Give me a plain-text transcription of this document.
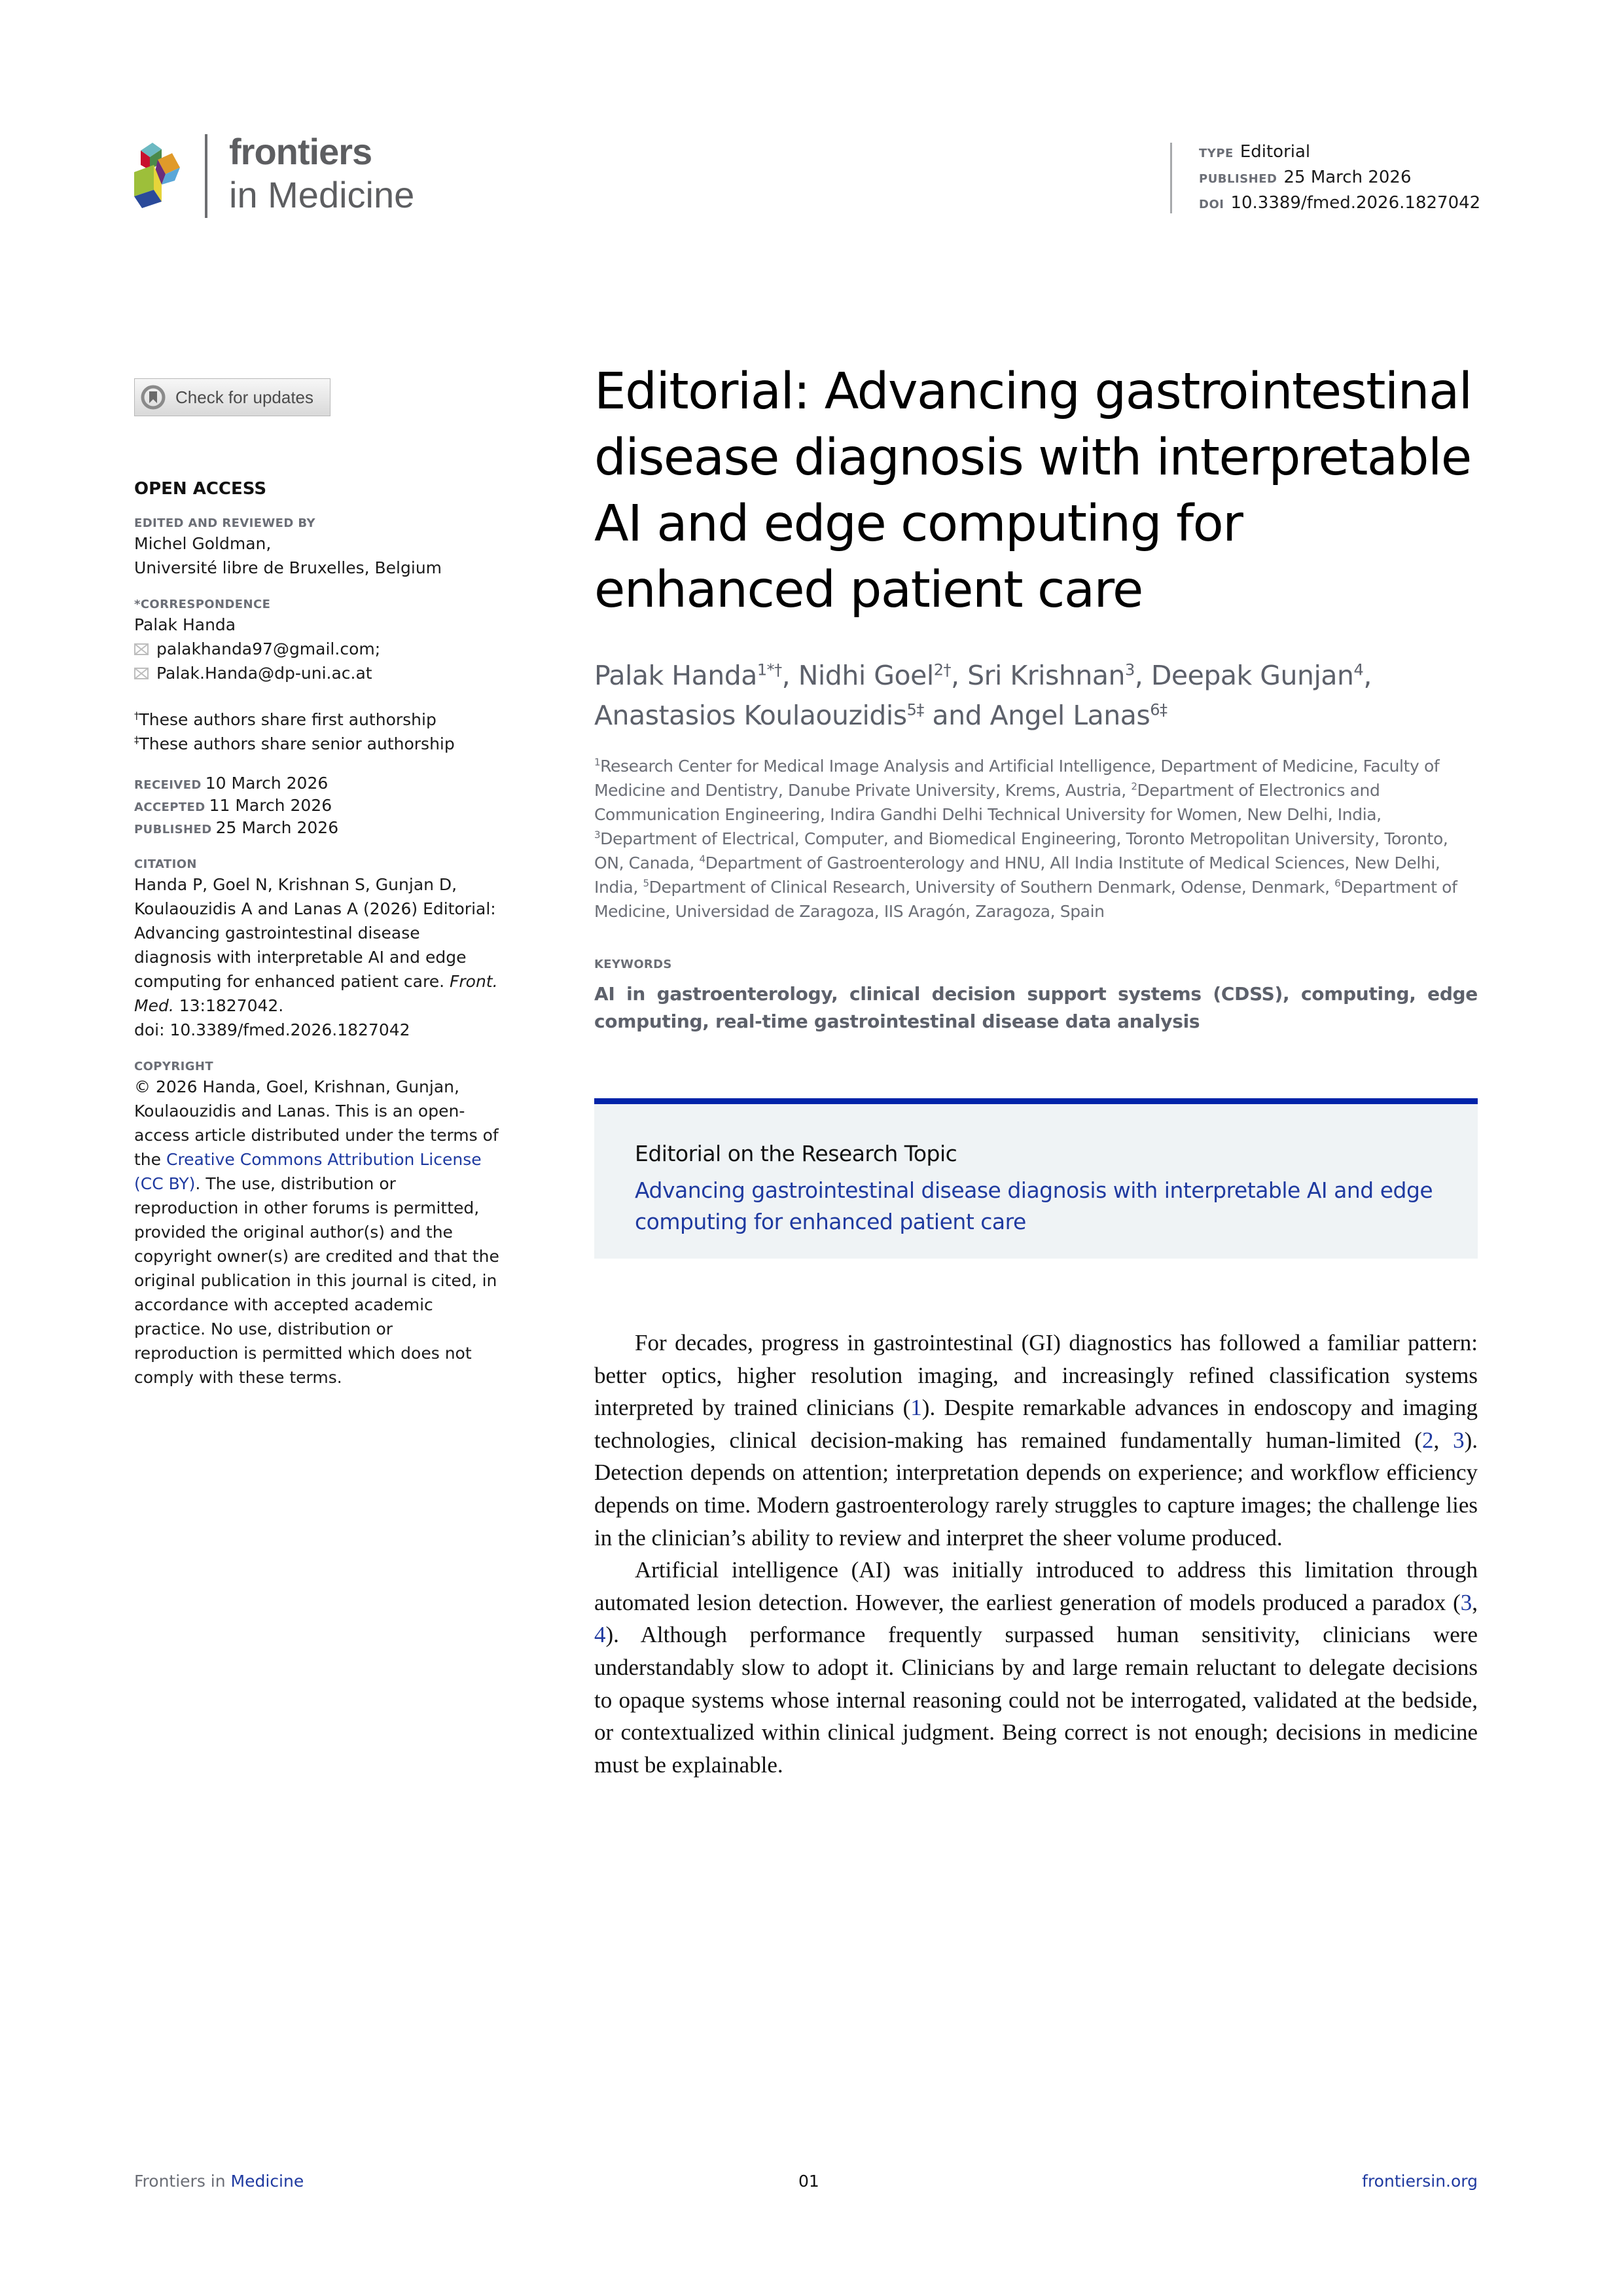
frontiers
in Medicine
TYPE Editorial
PUBLISHED 25 March 2026
DOI 10.3389/fmed.2026.1827042
Check for updates
OPEN ACCESS
EDITED AND REVIEWED BY
Michel Goldman,
Université libre de Bruxelles, Belgium
*CORRESPONDENCE
Palak Handa
palakhanda97@gmail.com;
Palak.Handa@dp-uni.ac.at
†These authors share first authorship
‡These authors share senior authorship
RECEIVED 10 March 2026
ACCEPTED 11 March 2026
PUBLISHED 25 March 2026
CITATION
Handa P, Goel N, Krishnan S, Gunjan D, Koulaouzidis A and Lanas A (2026) Editorial: Advancing gastrointestinal disease diagnosis with interpretable AI and edge computing for enhanced patient care. Front. Med. 13:1827042.
doi: 10.3389/fmed.2026.1827042
COPYRIGHT
© 2026 Handa, Goel, Krishnan, Gunjan, Koulaouzidis and Lanas. This is an open-access article distributed under the terms of the Creative Commons Attribution License (CC BY). The use, distribution or reproduction in other forums is permitted, provided the original author(s) and the copyright owner(s) are credited and that the original publication in this journal is cited, in accordance with accepted academic practice. No use, distribution or reproduction is permitted which does not comply with these terms.
Editorial: Advancing gastrointestinal disease diagnosis with interpretable AI and edge computing for enhanced patient care
Palak Handa$^{1*\dagger}$, Nidhi Goel$^{2\dagger}$, Sri Krishnan$^3$, Deepak Gunjan$^4$, Anastasios Koulaouzidis$^{5\ddagger}$ and Angel Lanas$^{6\ddagger}$
$^1$Research Center for Medical Image Analysis and Artificial Intelligence, Department of Medicine, Faculty of Medicine and Dentistry, Danube Private University, Krems, Austria, $^2$Department of Electronics and Communication Engineering, Indira Gandhi Delhi Technical University for Women, New Delhi, India, $^3$Department of Electrical, Computer, and Biomedical Engineering, Toronto Metropolitan University, Toronto, ON, Canada, $^4$Department of Gastroenterology and HNU, All India Institute of Medical Sciences, New Delhi, India, $^5$Department of Clinical Research, University of Southern Denmark, Odense, Denmark, $^6$Department of Medicine, Universidad de Zaragoza, IIS Aragón, Zaragoza, Spain
KEYWORDS
AI in gastroenterology, clinical decision support systems (CDSS), computing, edge computing, real-time gastrointestinal disease data analysis
Editorial on the Research Topic
Advancing gastrointestinal disease diagnosis with interpretable AI and edge computing for enhanced patient care

For decades, progress in gastrointestinal (GI) diagnostics has followed a familiar pattern: better optics, higher resolution imaging, and increasingly refined classification systems interpreted by trained clinicians (1). Despite remarkable advances in endoscopy and imaging technologies, clinical decision-making has remained fundamentally human-limited (2, 3). Detection depends on attention; interpretation depends on experience; and workflow efficiency depends on time. Modern gastroenterology rarely struggles to capture images; the challenge lies in the clinician’s ability to review and interpret the sheer volume produced.

Artificial intelligence (AI) was initially introduced to address this limitation through automated lesion detection. However, the earliest generation of models produced a paradox (3, 4). Although performance frequently surpassed human sensitivity, clinicians were understandably slow to adopt it. Clinicians by and large remain reluctant to delegate decisions to opaque systems whose internal reasoning could not be interrogated, validated at the bedside, or contextualized within clinical judgment. Being correct is not enough; decisions in medicine must be explainable.

Frontiers in Medicine	01	frontiersin.org
